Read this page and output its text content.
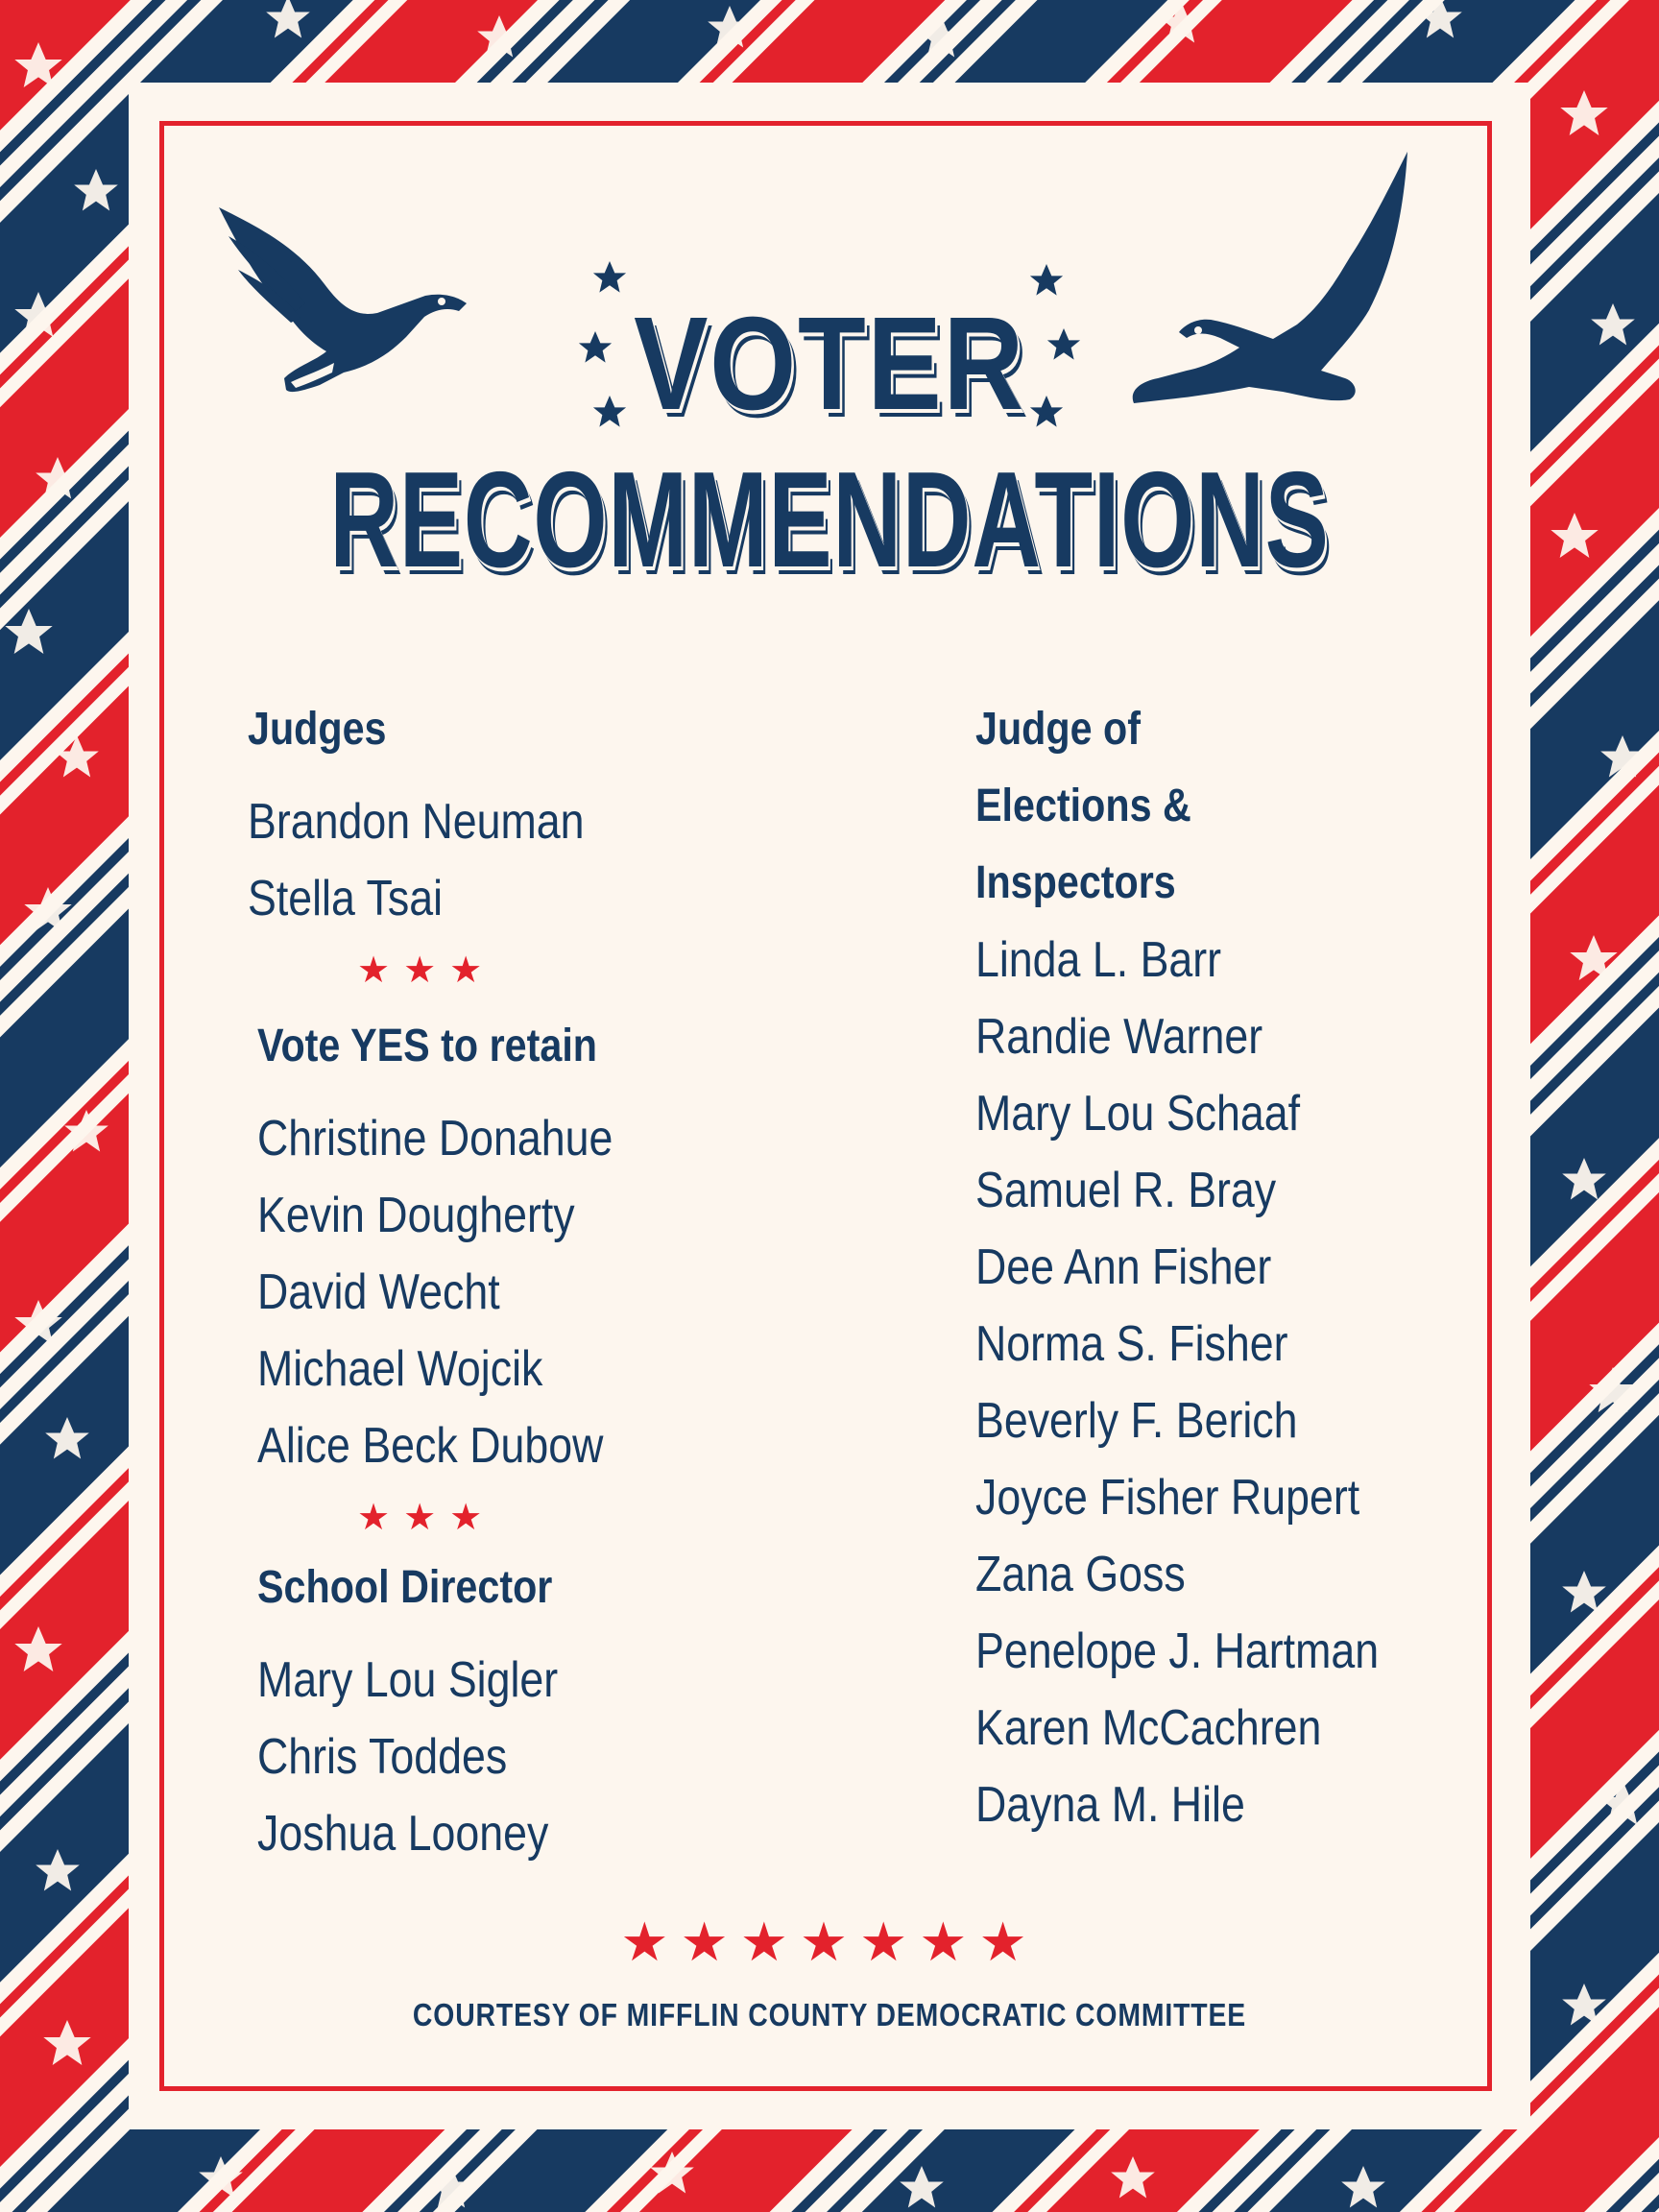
VOTER
RECOMMENDATIONS
Judges
Brandon Neuman
Stella Tsai
★★★
Vote YES to retain
Christine Donahue
Kevin Dougherty
David Wecht
Michael Wojcik
Alice Beck Dubow
★★★
School Director
Mary Lou Sigler
Chris Toddes
Joshua Looney
Judge of
Elections &
Inspectors
Linda L. Barr
Randie Warner
Mary Lou Schaaf
Samuel R. Bray
Dee Ann Fisher
Norma S. Fisher
Beverly F. Berich
Joyce Fisher Rupert
Zana Goss
Penelope J. Hartman
Karen McCachren
Dayna M. Hile
★★★★★★★
COURTESY OF MIFFLIN COUNTY DEMOCRATIC COMMITTEE
